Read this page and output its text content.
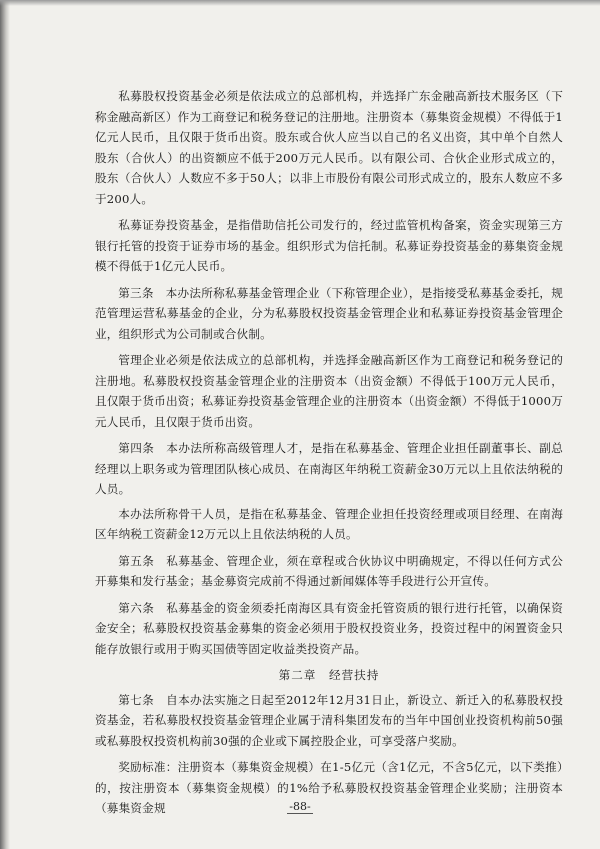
私募股权投资基金必须是依法成立的总部机构，并选择广东金融高新技术服务区（下称金融高新区）作为工商登记和税务登记的注册地。注册资本（募集资金规模）不得低于1亿元人民币，且仅限于货币出资。股东或合伙人应当以自己的名义出资，其中单个自然人股东（合伙人）的出资额应不低于200万元人民币。以有限公司、合伙企业形式成立的，股东（合伙人）人数应不多于50人；以非上市股份有限公司形式成立的，股东人数应不多于200人。

私募证券投资基金，是指借助信托公司发行的，经过监管机构备案，资金实现第三方银行托管的投资于证券市场的基金。组织形式为信托制。私募证券投资基金的募集资金规模不得低于1亿元人民币。

第三条　本办法所称私募基金管理企业（下称管理企业），是指接受私募基金委托，规范管理运营私募基金的企业，分为私募股权投资基金管理企业和私募证券投资基金管理企业，组织形式为公司制或合伙制。

管理企业必须是依法成立的总部机构，并选择金融高新区作为工商登记和税务登记的注册地。私募股权投资基金管理企业的注册资本（出资金额）不得低于100万元人民币，且仅限于货币出资；私募证券投资基金管理企业的注册资本（出资金额）不得低于1000万元人民币，且仅限于货币出资。

第四条　本办法所称高级管理人才，是指在私募基金、管理企业担任副董事长、副总经理以上职务或为管理团队核心成员、在南海区年纳税工资薪金30万元以上且依法纳税的人员。

本办法所称骨干人员，是指在私募基金、管理企业担任投资经理或项目经理、在南海区年纳税工资薪金12万元以上且依法纳税的人员。

第五条　私募基金、管理企业，须在章程或合伙协议中明确规定，不得以任何方式公开募集和发行基金；基金募资完成前不得通过新闻媒体等手段进行公开宣传。

第六条　私募基金的资金须委托南海区具有资金托管资质的银行进行托管，以确保资金安全；私募股权投资基金募集的资金必须用于股权投资业务，投资过程中的闲置资金只能存放银行或用于购买国债等固定收益类投资产品。

第二章　经营扶持

第七条　自本办法实施之日起至2012年12月31日止，新设立、新迁入的私募股权投资基金，若私募股权投资基金管理企业属于清科集团发布的当年中国创业投资机构前50强或私募股权投资机构前30强的企业或下属控股企业，可享受落户奖励。

奖励标准：注册资本（募集资金规模）在1-5亿元（含1亿元，不含5亿元，以下类推）的，按注册资本（募集资金规模）的1%给予私募股权投资基金管理企业奖励；注册资本（募集资金规	-88-
